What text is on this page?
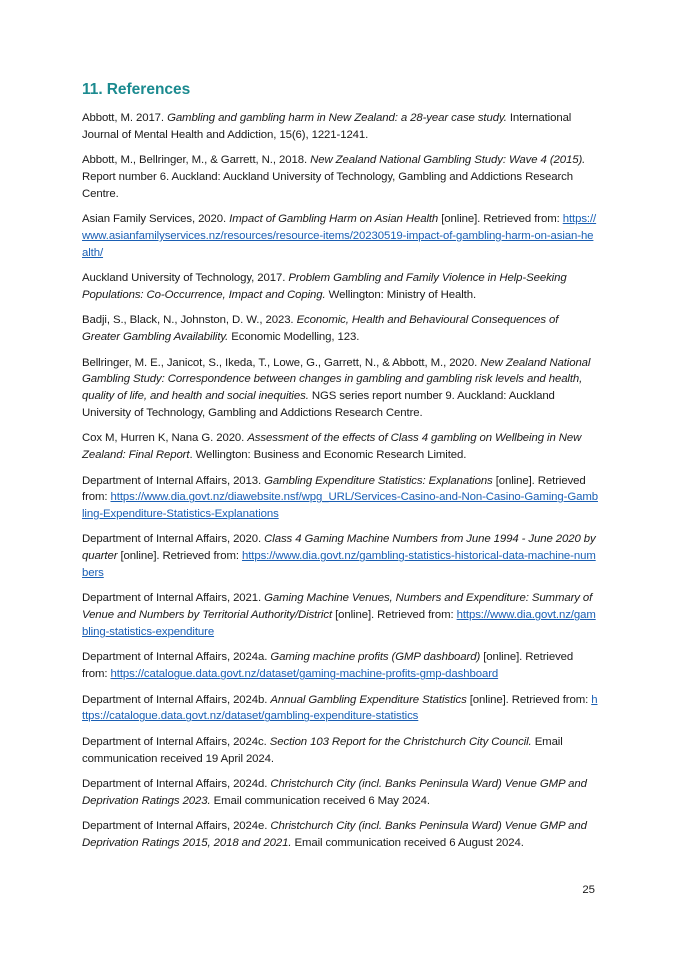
11. References

Abbott, M. 2017. Gambling and gambling harm in New Zealand: a 28-year case study. International Journal of Mental Health and Addiction, 15(6), 1221-1241.

Abbott, M., Bellringer, M., & Garrett, N., 2018. New Zealand National Gambling Study: Wave 4 (2015). Report number 6. Auckland: Auckland University of Technology, Gambling and Addictions Research Centre.

Asian Family Services, 2020. Impact of Gambling Harm on Asian Health [online]. Retrieved from: https://www.asianfamilyservices.nz/resources/resource-items/20230519-impact-of-gambling-harm-on-asian-health/

Auckland University of Technology, 2017. Problem Gambling and Family Violence in Help-Seeking Populations: Co-Occurrence, Impact and Coping. Wellington: Ministry of Health.

Badji, S., Black, N., Johnston, D. W., 2023. Economic, Health and Behavioural Consequences of Greater Gambling Availability. Economic Modelling, 123.

Bellringer, M. E., Janicot, S., Ikeda, T., Lowe, G., Garrett, N., & Abbott, M., 2020. New Zealand National Gambling Study: Correspondence between changes in gambling and gambling risk levels and health, quality of life, and health and social inequities. NGS series report number 9. Auckland: Auckland University of Technology, Gambling and Addictions Research Centre.

Cox M, Hurren K, Nana G. 2020. Assessment of the effects of Class 4 gambling on Wellbeing in New Zealand: Final Report. Wellington: Business and Economic Research Limited.

Department of Internal Affairs, 2013. Gambling Expenditure Statistics: Explanations [online]. Retrieved from: https://www.dia.govt.nz/diawebsite.nsf/wpg_URL/Services-Casino-and-Non-Casino-Gaming-Gambling-Expenditure-Statistics-Explanations

Department of Internal Affairs, 2020. Class 4 Gaming Machine Numbers from June 1994 - June 2020 by quarter [online]. Retrieved from: https://www.dia.govt.nz/gambling-statistics-historical-data-machine-numbers

Department of Internal Affairs, 2021. Gaming Machine Venues, Numbers and Expenditure: Summary of Venue and Numbers by Territorial Authority/District [online]. Retrieved from: https://www.dia.govt.nz/gambling-statistics-expenditure

Department of Internal Affairs, 2024a. Gaming machine profits (GMP dashboard) [online]. Retrieved from: https://catalogue.data.govt.nz/dataset/gaming-machine-profits-gmp-dashboard

Department of Internal Affairs, 2024b. Annual Gambling Expenditure Statistics [online]. Retrieved from: https://catalogue.data.govt.nz/dataset/gambling-expenditure-statistics

Department of Internal Affairs, 2024c. Section 103 Report for the Christchurch City Council. Email communication received 19 April 2024.

Department of Internal Affairs, 2024d. Christchurch City (incl. Banks Peninsula Ward) Venue GMP and Deprivation Ratings 2023. Email communication received 6 May 2024.

Department of Internal Affairs, 2024e. Christchurch City (incl. Banks Peninsula Ward) Venue GMP and Deprivation Ratings 2015, 2018 and 2021. Email communication received 6 August 2024.

25
